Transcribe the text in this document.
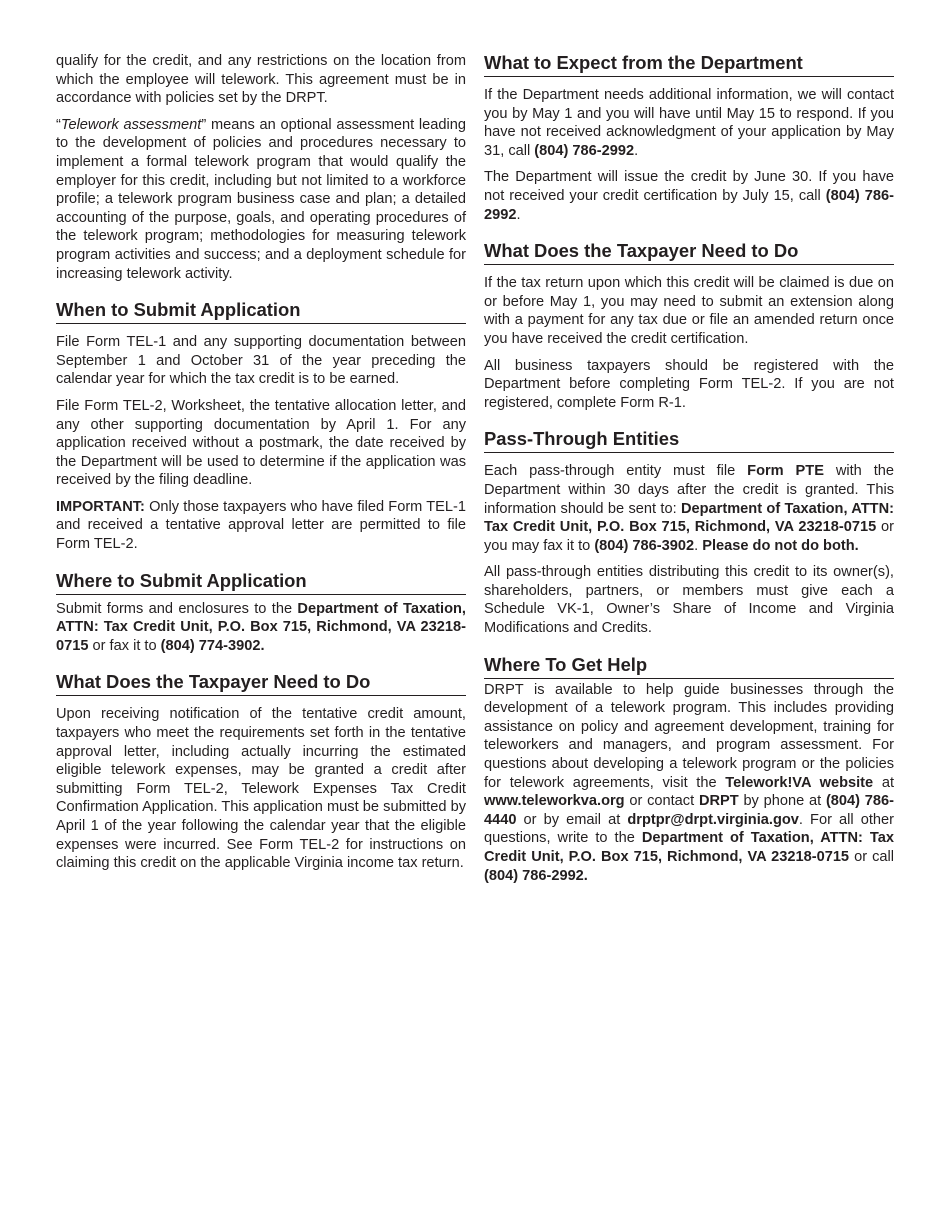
qualify for the credit, and any restrictions on the location from which the employee will telework. This agreement must be in accordance with policies set by the DRPT.

“Telework assessment” means an optional assessment leading to the development of policies and procedures necessary to implement a formal telework program that would qualify the employer for this credit, including but not limited to a workforce profile; a telework program business case and plan; a detailed accounting of the purpose, goals, and operating procedures of the telework program; methodologies for measuring telework program activities and success; and a deployment schedule for increasing telework activity.

When to Submit Application

File Form TEL-1 and any supporting documentation between September 1 and October 31 of the year preceding the calendar year for which the tax credit is to be earned.

File Form TEL-2, Worksheet, the tentative allocation letter, and any other supporting documentation by April 1. For any application received without a postmark, the date received by the Department will be used to determine if the application was received by the filing deadline.

IMPORTANT: Only those taxpayers who have filed Form TEL-1 and received a tentative approval letter are permitted to file Form TEL-2.

Where to Submit Application

Submit forms and enclosures to the Department of Taxation, ATTN: Tax Credit Unit, P.O. Box 715, Richmond, VA 23218-0715 or fax it to (804) 774-3902.

What Does the Taxpayer Need to Do

Upon receiving notification of the tentative credit amount, taxpayers who meet the requirements set forth in the tentative approval letter, including actually incurring the estimated eligible telework expenses, may be granted a credit after submitting Form TEL-2, Telework Expenses Tax Credit Confirmation Application. This application must be submitted by April 1 of the year following the calendar year that the eligible expenses were incurred. See Form TEL-2 for instructions on claiming this credit on the applicable Virginia income tax return.

What to Expect from the Department

If the Department needs additional information, we will contact you by May 1 and you will have until May 15 to respond. If you have not received acknowledgment of your application by May 31, call (804) 786-2992.

The Department will issue the credit by June 30. If you have not received your credit certification by July 15, call (804) 786-2992.

What Does the Taxpayer Need to Do

If the tax return upon which this credit will be claimed is due on or before May 1, you may need to submit an extension along with a payment for any tax due or file an amended return once you have received the credit certification.

All business taxpayers should be registered with the Department before completing Form TEL-2. If you are not registered, complete Form R-1.

Pass-Through Entities

Each pass-through entity must file Form PTE with the Department within 30 days after the credit is granted. This information should be sent to: Department of Taxation, ATTN: Tax Credit Unit, P.O. Box 715, Richmond, VA 23218-0715 or you may fax it to (804) 786-3902. Please do not do both.

All pass-through entities distributing this credit to its owner(s), shareholders, partners, or members must give each a Schedule VK-1, Owner’s Share of Income and Virginia Modifications and Credits.

Where To Get Help

DRPT is available to help guide businesses through the development of a telework program. This includes providing assistance on policy and agreement development, training for teleworkers and managers, and program assessment. For questions about developing a telework program or the policies for telework agreements, visit the Telework!VA website at www.teleworkva.org or contact DRPT by phone at (804) 786-4440 or by email at drptpr@drpt.virginia.gov. For all other questions, write to the Department of Taxation, ATTN: Tax Credit Unit, P.O. Box 715, Richmond, VA 23218-0715 or call (804) 786-2992.
